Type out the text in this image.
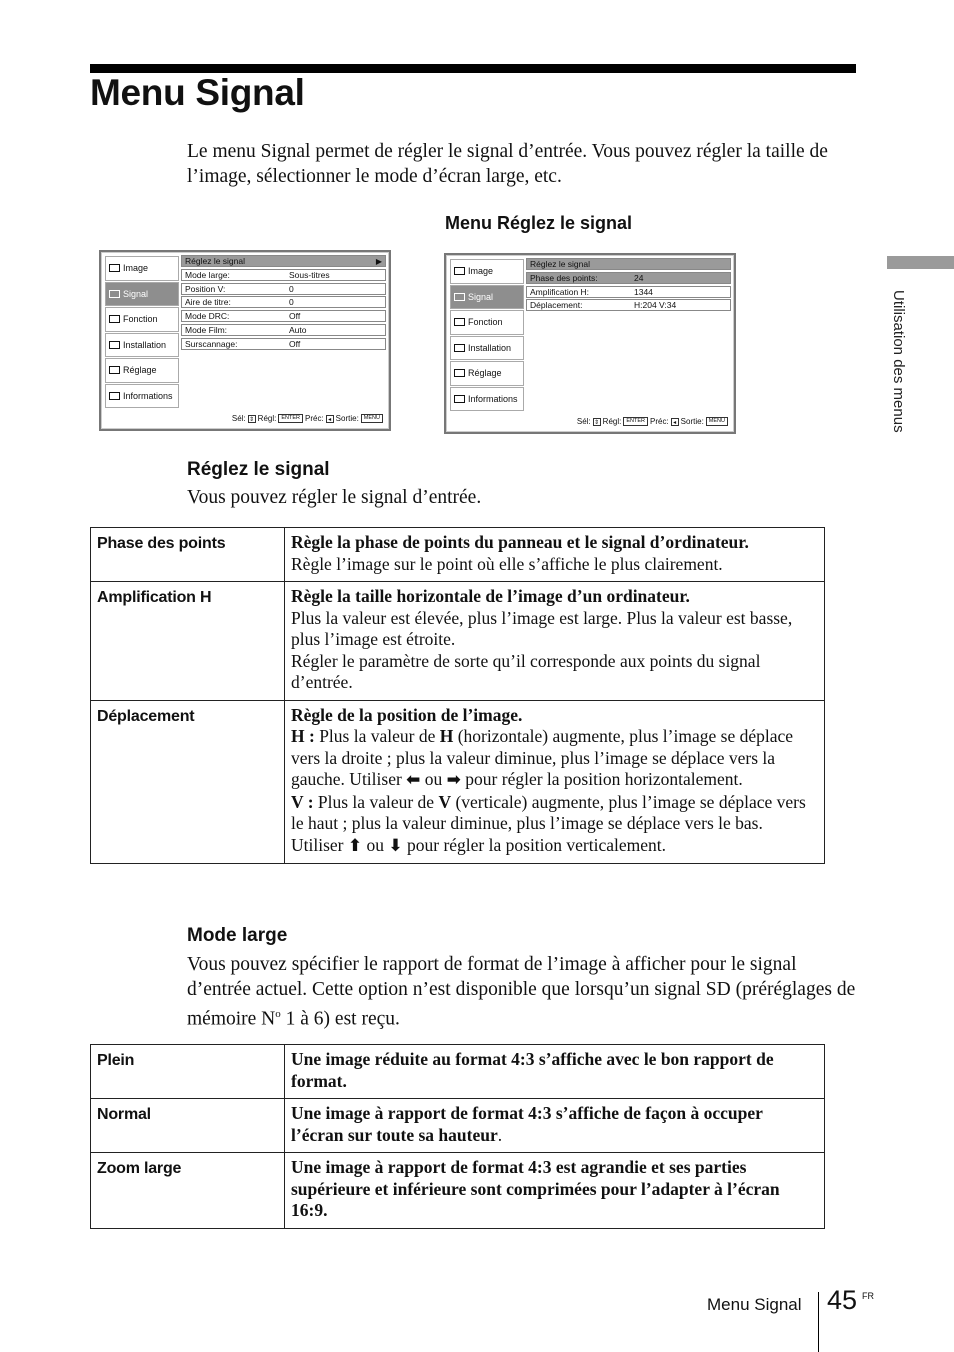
Menu Signal

Le menu Signal permet de régler le signal d’entrée. Vous pouvez régler la taille de l’image, sélectionner le mode d’écran large, etc.

Utilisation des menus
Menu Réglez le signal
Image
Signal
Fonction
Installation
Réglage
Informations
Réglez le signal	▶
Mode large:	Sous-titres
Position V:	0
Aire de titre:	0
Mode DRC:	Off
Mode Film:	Auto
Surscannage:	Off
Sél: ⇕ Régl: ENTER Préc: ◂ Sortie: MENU
Image
Signal
Fonction
Installation
Réglage
Informations
Réglez le signal
Phase des points:	24
Amplification H:	1344
Déplacement:	H:204 V:34
Sél: ⇕ Régl: ENTER Préc: ◂ Sortie: MENU
Réglez le signal

Vous pouvez régler le signal d’entrée.

Phase des points	Règle la phase de points du panneau et le signal d’ordinateur.
Règle l’image sur le point où elle s’affiche le plus clairement.
Amplification H	Règle la taille horizontale de l’image d’un ordinateur.
Plus la valeur est élevée, plus l’image est large. Plus la valeur est basse, plus l’image est étroite.
Régler le paramètre de sorte qu’il corresponde aux points du signal d’entrée.
Déplacement	Règle de la position de l’image.
H : Plus la valeur de H (horizontale) augmente, plus l’image se déplace vers la droite ; plus la valeur diminue, plus l’image se déplace vers la gauche. Utiliser ⬅ ou ➡ pour régler la position horizontalement.
V : Plus la valeur de V (verticale) augmente, plus l’image se déplace vers le haut ; plus la valeur diminue, plus l’image se déplace vers le bas. Utiliser ⬆ ou ⬇ pour régler la position verticalement.
Mode large

Vous pouvez spécifier le rapport de format de l’image à afficher pour le signal d’entrée actuel. Cette option n’est disponible que lorsqu’un signal SD (préréglages de mémoire $N^o$ 1 à 6) est reçu.

Plein	Une image réduite au format 4:3 s’affiche avec le bon rapport de format.
Normal	Une image à rapport de format 4:3 s’affiche de façon à occuper l’écran sur toute sa hauteur.
Zoom large	Une image à rapport de format 4:3 est agrandie et ses parties supérieure et inférieure sont comprimées pour l’adapter à l’écran 16:9.
Menu Signal 45 FR
